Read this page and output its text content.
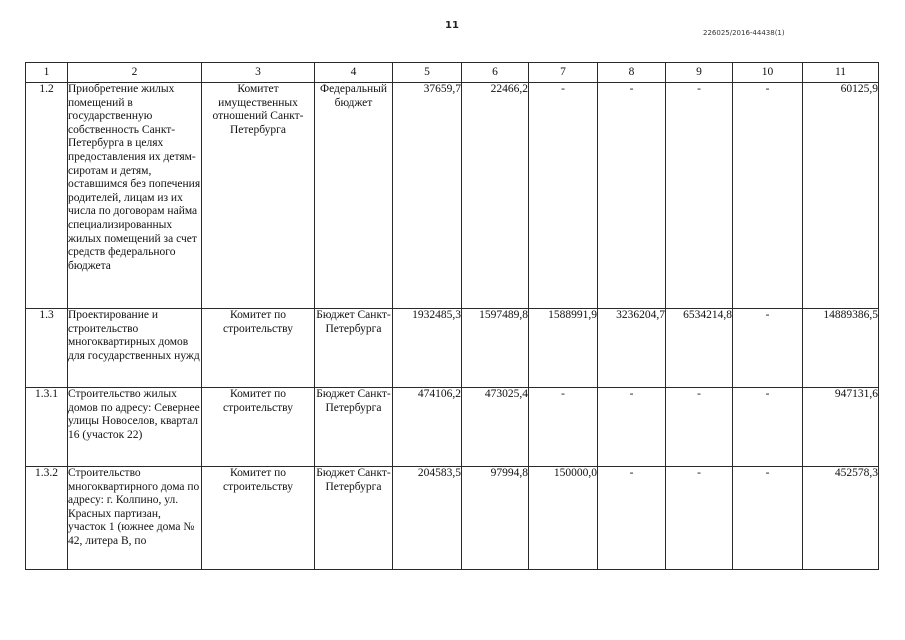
11
226025/2016-44438(1)
1	2	3	4	5	6	7	8	9	10	11
1.2	Приобретение жилых помещений в государственную собственность Санкт-Петербурга в целях предоставления их детям-сиротам и детям, оставшимся без попечения родителей, лицам из их числа по договорам найма специализированных жилых помещений за счет средств федерального бюджета	Комитет имущественных отношений Санкт-Петербурга	Федеральный бюджет	37659,7	22466,2	-	-	-	-	60125,9
1.3	Проектирование и строительство многоквартирных домов для государственных нужд	Комитет по строительству	Бюджет Санкт-Петербурга	1932485,3	1597489,8	1588991,9	3236204,7	6534214,8	-	14889386,5
1.3.1	Строительство жилых домов по адресу: Севернее улицы Новоселов, квартал 16 (участок 22)	Комитет по строительству	Бюджет Санкт-Петербурга	474106,2	473025,4	-	-	-	-	947131,6
1.3.2	Строительство многоквартирного дома по адресу: г. Колпино, ул. Красных партизан, участок 1 (южнее дома № 42, литера В, по	Комитет по строительству	Бюджет Санкт-Петербурга	204583,5	97994,8	150000,0	-	-	-	452578,3
